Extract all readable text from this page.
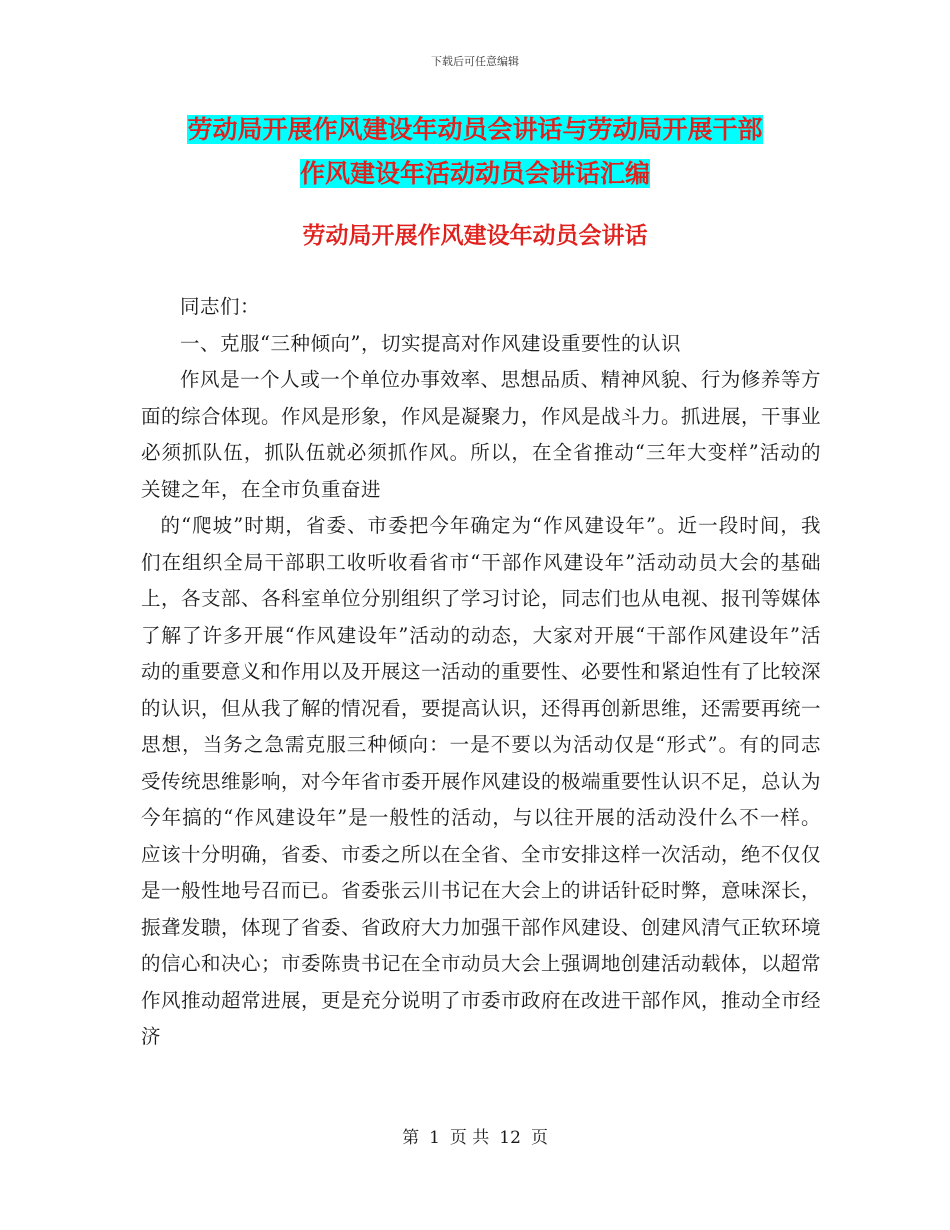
下载后可任意编辑
劳动局开展作风建设年动员会讲话与劳动局开展干部
作风建设年活动动员会讲话汇编
劳动局开展作风建设年动员会讲话

同志们：

一、克服“三种倾向”，切实提高对作风建设重要性的认识

作风是一个人或一个单位办事效率、思想品质、精神风貌、行为修养等方面的综合体现。作风是形象，作风是凝聚力，作风是战斗力。抓进展，干事业必须抓队伍，抓队伍就必须抓作风。所以，在全省推动“三年大变样”活动的关键之年，在全市负重奋进

的“爬坡”时期，省委、市委把今年确定为“作风建设年”。近一段时间，我们在组织全局干部职工收听收看省市“干部作风建设年”活动动员大会的基础上，各支部、各科室单位分别组织了学习讨论，同志们也从电视、报刊等媒体了解了许多开展“作风建设年”活动的动态，大家对开展“干部作风建设年”活动的重要意义和作用以及开展这一活动的重要性、必要性和紧迫性有了比较深的认识，但从我了解的情况看，要提高认识，还得再创新思维，还需要再统一思想，当务之急需克服三种倾向：一是不要以为活动仅是“形式”。有的同志受传统思维影响，对今年省市委开展作风建设的极端重要性认识不足，总认为今年搞的“作风建设年”是一般性的活动，与以往开展的活动没什么不一样。应该十分明确，省委、市委之所以在全省、全市安排这样一次活动，绝不仅仅是一般性地号召而已。省委张云川书记在大会上的讲话针砭时弊，意味深长，振聋发聩，体现了省委、省政府大力加强干部作风建设、创建风清气正软环境的信心和决心；市委陈贵书记在全市动员大会上强调地创建活动载体，以超常作风推动超常进展，更是充分说明了市委市政府在改进干部作风，推动全市经济

第 1 页 共 12 页
